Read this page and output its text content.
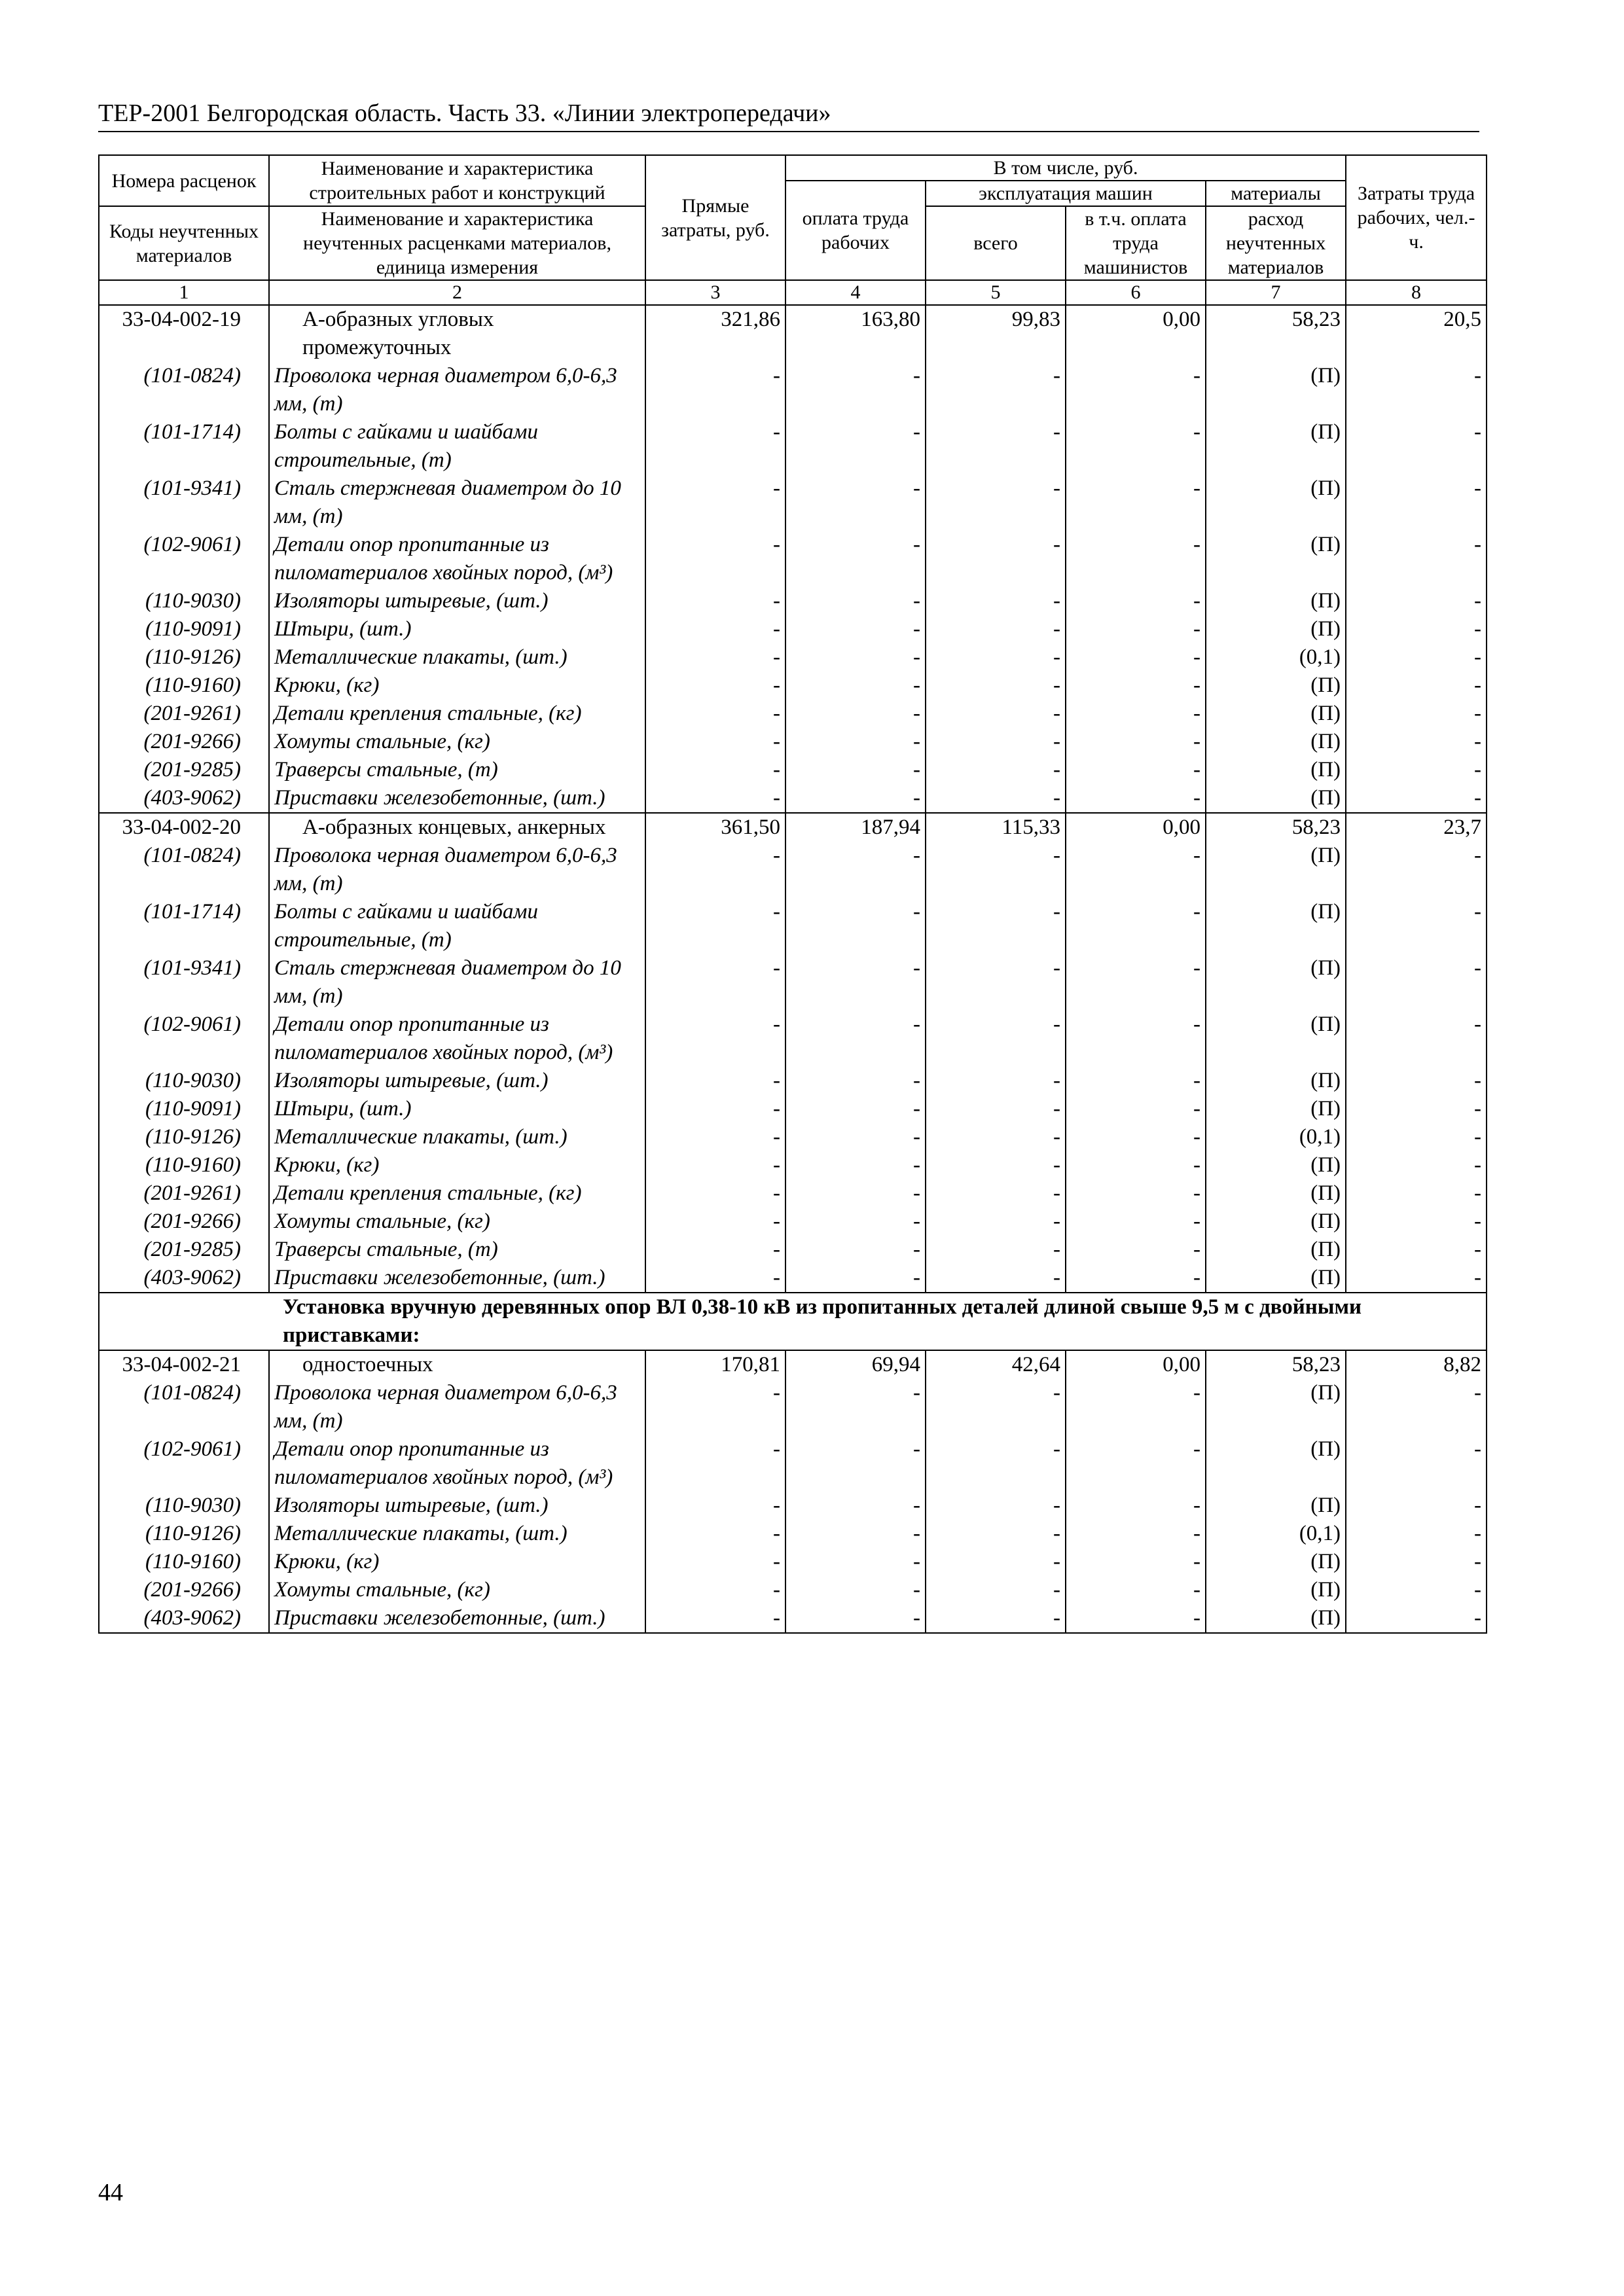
ТЕР-2001 Белгородская область. Часть 33. «Линии электропередачи»
Номера расценок	Наименование и характеристика строительных работ и конструкций	Прямые затраты, руб.	В том числе, руб.				Затраты труда рабочих, чел.-ч.
			оплата труда рабочих	эксплуатация машин		материалы	
Коды неучтенных материалов	Наименование и характеристика неучтенных расценками материалов, единица измерения			всего	в т.ч. оплата труда машинистов	расход неучтенных материалов	
1	2	3	4	5	6	7	8
33-04-002-19	А-образных угловых промежуточных	321,86	163,80	99,83	0,00	58,23	20,5
(101-0824)	Проволока черная диаметром 6,0-6,3 мм, (т)	-	-	-	-	(П)	-
(101-1714)	Болты с гайками и шайбами строительные, (т)	-	-	-	-	(П)	-
(101-9341)	Сталь стержневая диаметром до 10 мм, (т)	-	-	-	-	(П)	-
(102-9061)	Детали опор пропитанные из пиломатериалов хвойных пород, (м³)	-	-	-	-	(П)	-
(110-9030)	Изоляторы штыревые, (шт.)	-	-	-	-	(П)	-
(110-9091)	Штыри, (шт.)	-	-	-	-	(П)	-
(110-9126)	Металлические плакаты, (шт.)	-	-	-	-	(0,1)	-
(110-9160)	Крюки, (кг)	-	-	-	-	(П)	-
(201-9261)	Детали крепления стальные, (кг)	-	-	-	-	(П)	-
(201-9266)	Хомуты стальные, (кг)	-	-	-	-	(П)	-
(201-9285)	Траверсы стальные, (т)	-	-	-	-	(П)	-
(403-9062)	Приставки железобетонные, (шт.)	-	-	-	-	(П)	-
33-04-002-20	А-образных концевых, анкерных	361,50	187,94	115,33	0,00	58,23	23,7
(101-0824)	Проволока черная диаметром 6,0-6,3 мм, (т)	-	-	-	-	(П)	-
(101-1714)	Болты с гайками и шайбами строительные, (т)	-	-	-	-	(П)	-
(101-9341)	Сталь стержневая диаметром до 10 мм, (т)	-	-	-	-	(П)	-
(102-9061)	Детали опор пропитанные из пиломатериалов хвойных пород, (м³)	-	-	-	-	(П)	-
(110-9030)	Изоляторы штыревые, (шт.)	-	-	-	-	(П)	-
(110-9091)	Штыри, (шт.)	-	-	-	-	(П)	-
(110-9126)	Металлические плакаты, (шт.)	-	-	-	-	(0,1)	-
(110-9160)	Крюки, (кг)	-	-	-	-	(П)	-
(201-9261)	Детали крепления стальные, (кг)	-	-	-	-	(П)	-
(201-9266)	Хомуты стальные, (кг)	-	-	-	-	(П)	-
(201-9285)	Траверсы стальные, (т)	-	-	-	-	(П)	-
(403-9062)	Приставки железобетонные, (шт.)	-	-	-	-	(П)	-
Установка вручную деревянных опор ВЛ 0,38-10 кВ из пропитанных деталей длиной свыше 9,5 м с двойными приставками:							
33-04-002-21	одностоечных	170,81	69,94	42,64	0,00	58,23	8,82
(101-0824)	Проволока черная диаметром 6,0-6,3 мм, (т)	-	-	-	-	(П)	-
(102-9061)	Детали опор пропитанные из пиломатериалов хвойных пород, (м³)	-	-	-	-	(П)	-
(110-9030)	Изоляторы штыревые, (шт.)	-	-	-	-	(П)	-
(110-9126)	Металлические плакаты, (шт.)	-	-	-	-	(0,1)	-
(110-9160)	Крюки, (кг)	-	-	-	-	(П)	-
(201-9266)	Хомуты стальные, (кг)	-	-	-	-	(П)	-
(403-9062)	Приставки железобетонные, (шт.)	-	-	-	-	(П)	-
44
